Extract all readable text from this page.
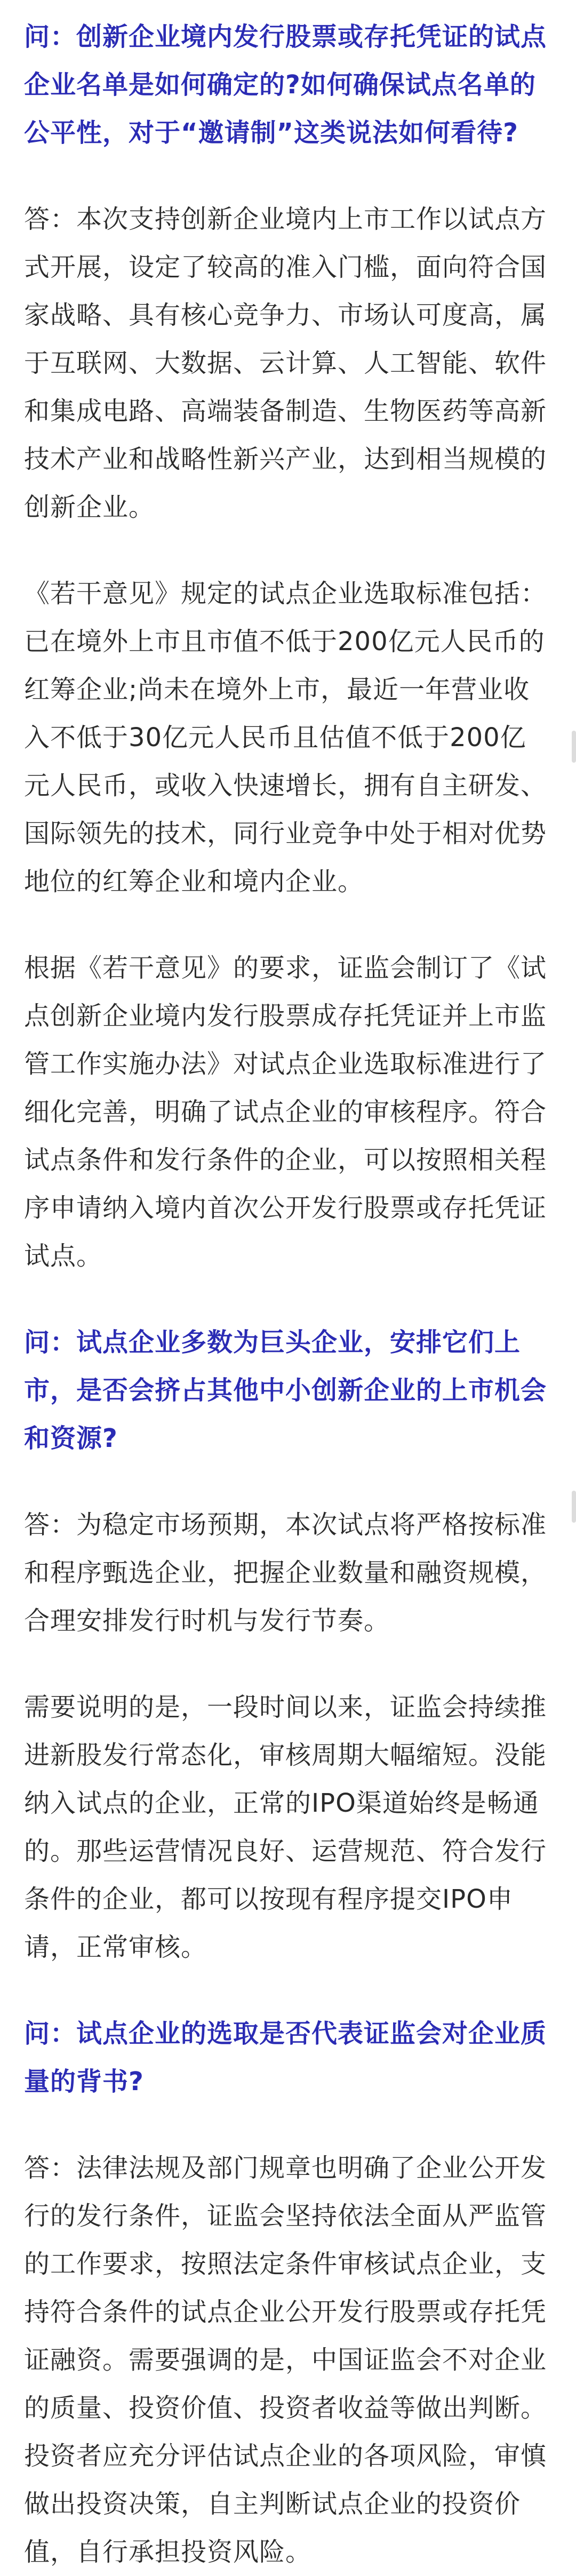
问：创新企业境内发行股票或存托凭证的试点企业名单是如何确定的?如何确保试点名单的公平性，对于“邀请制”这类说法如何看待?

答：本次支持创新企业境内上市工作以试点方式开展，设定了较高的准入门槛，面向符合国家战略、具有核心竞争力、市场认可度高，属于互联网、大数据、云计算、人工智能、软件和集成电路、高端装备制造、生物医药等高新技术产业和战略性新兴产业，达到相当规模的创新企业。

《若干意见》规定的试点企业选取标准包括：已在境外上市且市值不低于200亿元人民币的红筹企业;尚未在境外上市，最近一年营业收入不低于30亿元人民币且估值不低于200亿元人民币，或收入快速增长，拥有自主研发、国际领先的技术，同行业竞争中处于相对优势地位的红筹企业和境内企业。

根据《若干意见》的要求，证监会制订了《试点创新企业境内发行股票成存托凭证并上市监管工作实施办法》对试点企业选取标准进行了细化完善，明确了试点企业的审核程序。符合试点条件和发行条件的企业，可以按照相关程序申请纳入境内首次公开发行股票或存托凭证试点。

问：试点企业多数为巨头企业，安排它们上市，是否会挤占其他中小创新企业的上市机会和资源?

答：为稳定市场预期，本次试点将严格按标准和程序甄选企业，把握企业数量和融资规模，合理安排发行时机与发行节奏。

需要说明的是，一段时间以来，证监会持续推进新股发行常态化，审核周期大幅缩短。没能纳入试点的企业，正常的IPO渠道始终是畅通的。那些运营情况良好、运营规范、符合发行条件的企业，都可以按现有程序提交IPO申请，正常审核。

问：试点企业的选取是否代表证监会对企业质量的背书?

答：法律法规及部门规章也明确了企业公开发行的发行条件，证监会坚持依法全面从严监管的工作要求，按照法定条件审核试点企业，支持符合条件的试点企业公开发行股票或存托凭证融资。需要强调的是，中国证监会不对企业的质量、投资价值、投资者收益等做出判断。投资者应充分评估试点企业的各项风险，审慎做出投资决策，自主判断试点企业的投资价值，自行承担投资风险。
